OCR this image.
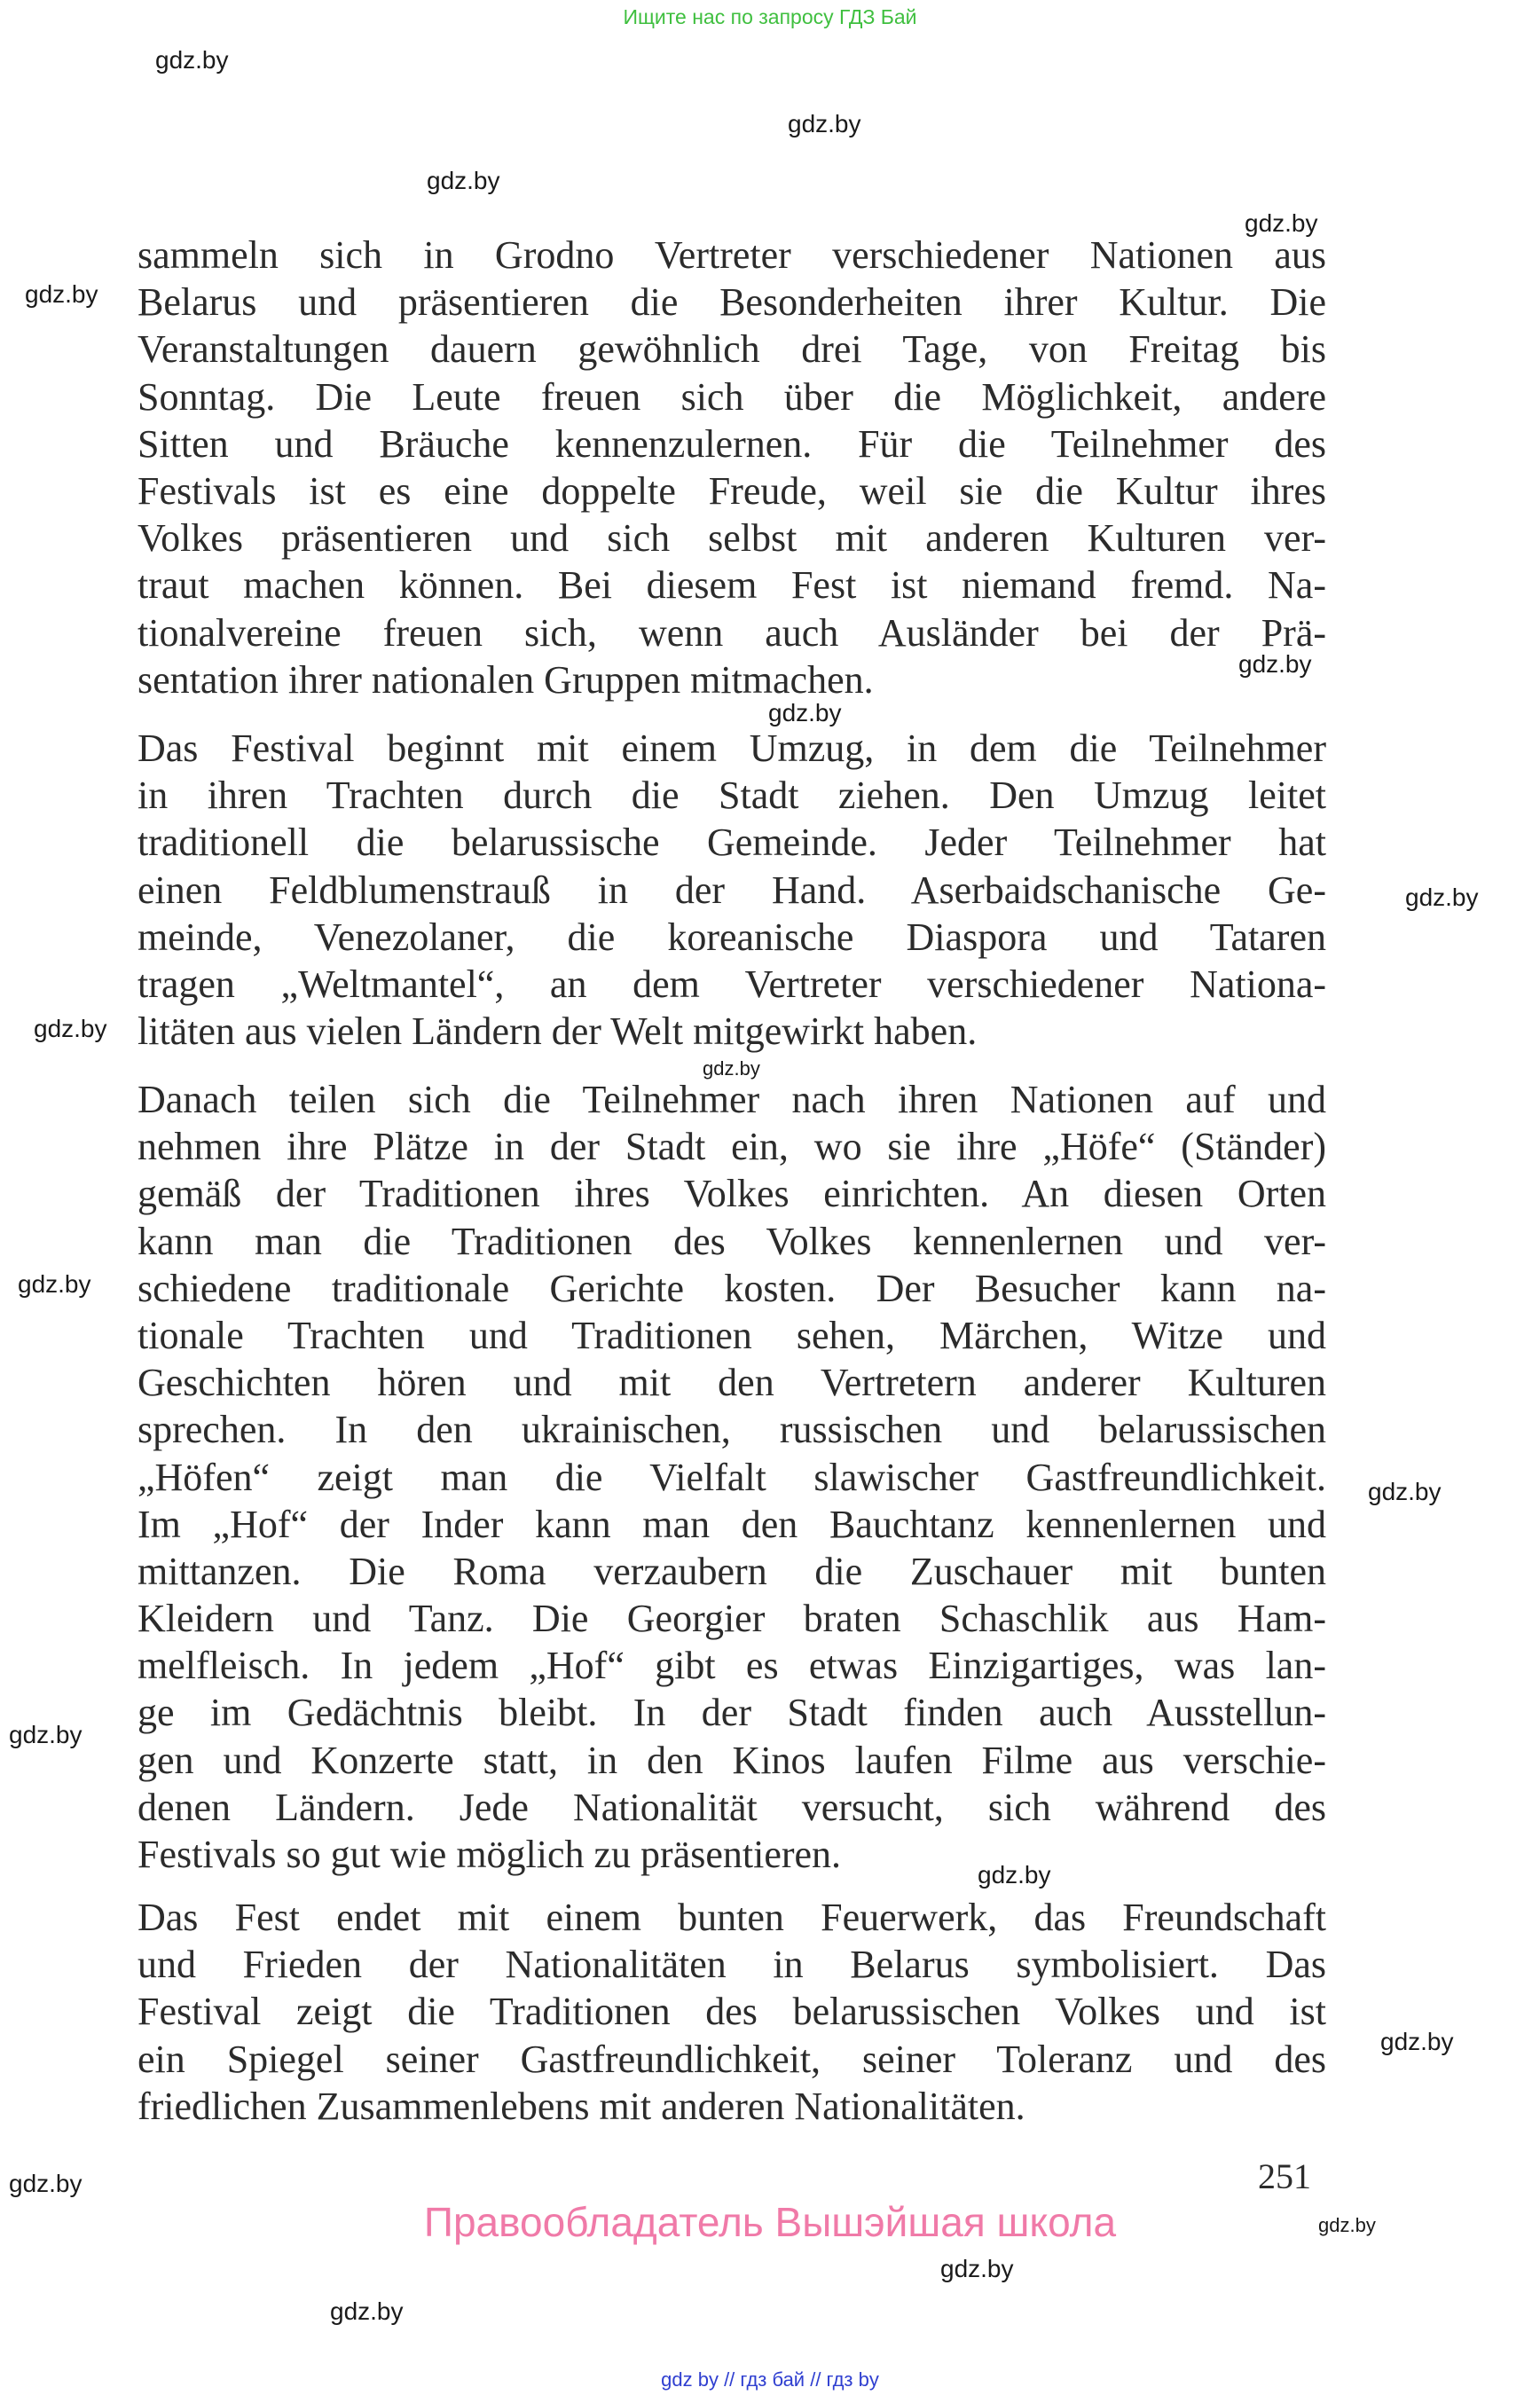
Ищите нас по запросу ГДЗ Бай
gdz.by
gdz.by
gdz.by
gdz.by
gdz.by
gdz.by
gdz.by
gdz.by
gdz.by
gdz.by
gdz.by
gdz.by
gdz.by
gdz.by
gdz.by
gdz.by
gdz.by
gdz.by
gdz.by
sammeln sich in Grodno Vertreter verschiedener Nationen aus
Belarus und präsentieren die Besonderheiten ihrer Kultur. Die
Veranstaltungen dauern gewöhnlich drei Tage, von Freitag bis
Sonntag. Die Leute freuen sich über die Möglichkeit, andere
Sitten und Bräuche kennenzulernen. Für die Teilnehmer des
Festivals ist es eine doppelte Freude, weil sie die Kultur ihres
Volkes präsentieren und sich selbst mit anderen Kulturen ver-
traut machen können. Bei diesem Fest ist niemand fremd. Na-
tionalvereine freuen sich, wenn auch Ausländer bei der Prä-
sentation ihrer nationalen Gruppen mitmachen.
Das Festival beginnt mit einem Umzug, in dem die Teilnehmer
in ihren Trachten durch die Stadt ziehen. Den Umzug leitet
traditionell die belarussische Gemeinde. Jeder Teilnehmer hat
einen Feldblumenstrauß in der Hand. Aserbaidschanische Ge-
meinde, Venezolaner, die koreanische Diaspora und Tataren
tragen „Weltmantel“, an dem Vertreter verschiedener Nationa-
litäten aus vielen Ländern der Welt mitgewirkt haben.
Danach teilen sich die Teilnehmer nach ihren Nationen auf und
nehmen ihre Plätze in der Stadt ein, wo sie ihre „Höfe“ (Ständer)
gemäß der Traditionen ihres Volkes einrichten. An diesen Orten
kann man die Traditionen des Volkes kennenlernen und ver-
schiedene traditionale Gerichte kosten. Der Besucher kann na-
tionale Trachten und Traditionen sehen, Märchen, Witze und
Geschichten hören und mit den Vertretern anderer Kulturen
sprechen. In den ukrainischen, russischen und belarussischen
„Höfen“ zeigt man die Vielfalt slawischer Gastfreundlichkeit.
Im „Hof“ der Inder kann man den Bauchtanz kennenlernen und
mittanzen. Die Roma verzaubern die Zuschauer mit bunten
Kleidern und Tanz. Die Georgier braten Schaschlik aus Ham-
melfleisch. In jedem „Hof“ gibt es etwas Einzigartiges, was lan-
ge im Gedächtnis bleibt. In der Stadt finden auch Ausstellun-
gen und Konzerte statt, in den Kinos laufen Filme aus verschie-
denen Ländern. Jede Nationalität versucht, sich während des
Festivals so gut wie möglich zu präsentieren.
Das Fest endet mit einem bunten Feuerwerk, das Freundschaft
und Frieden der Nationalitäten in Belarus symbolisiert. Das
Festival zeigt die Traditionen des belarussischen Volkes und ist
ein Spiegel seiner Gastfreundlichkeit, seiner Toleranz und des
friedlichen Zusammenlebens mit anderen Nationalitäten.
251
Правообладатель Вышэйшая школа
gdz by // гдз бай // гдз by
